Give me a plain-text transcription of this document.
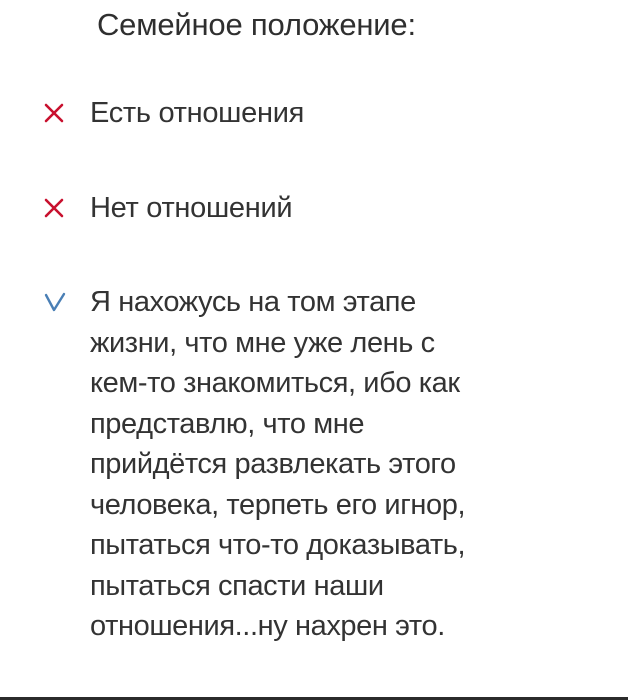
Семейное положение:
Есть отношения
Нет отношений
Я нахожусь на том этапе
жизни, что мне уже лень с
кем-то знакомиться, ибо как
представлю, что мне
прийдётся развлекать этого
человека, терпеть его игнор,
пытаться что-то доказывать,
пытаться спасти наши
отношения...ну нахрен это.
